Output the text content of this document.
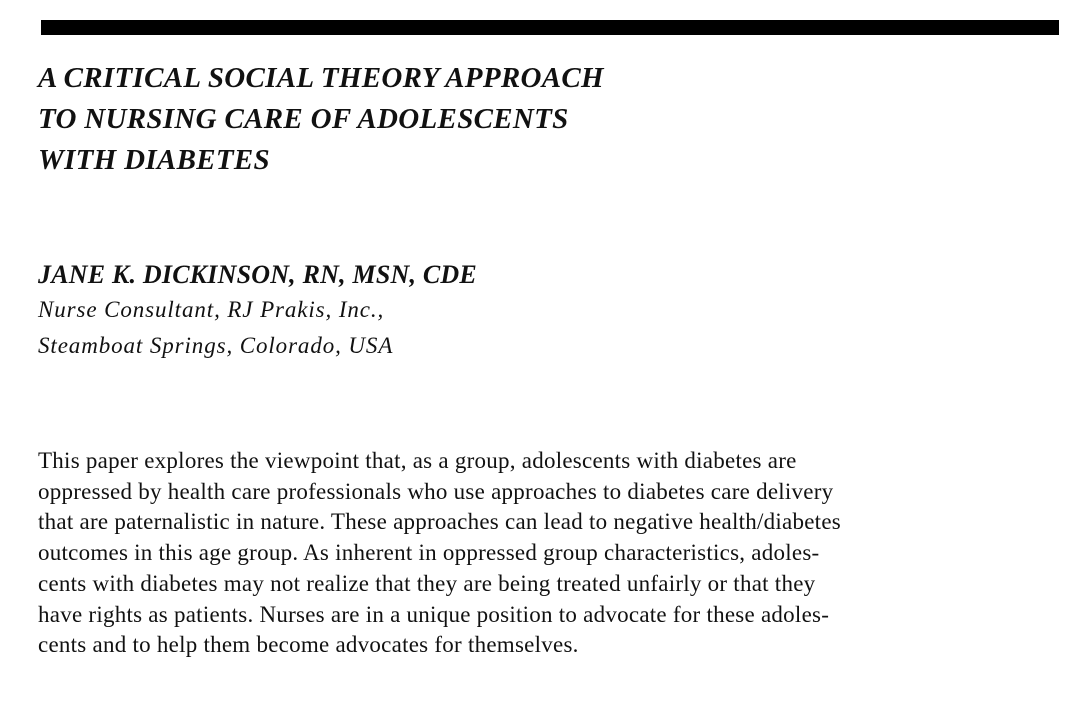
A CRITICAL SOCIAL THEORY APPROACH
TO NURSING CARE OF ADOLESCENTS
WITH DIABETES
JANE K. DICKINSON, RN, MSN, CDE
Nurse Consultant, RJ Prakis, Inc.,
Steamboat Springs, Colorado, USA
This paper explores the viewpoint that, as a group, adolescents with diabetes are
oppressed by health care professionals who use approaches to diabetes care delivery
that are paternalistic in nature. These approaches can lead to negative health/diabetes
outcomes in this age group. As inherent in oppressed group characteristics, adoles-
cents with diabetes may not realize that they are being treated unfairly or that they
have rights as patients. Nurses are in a unique position to advocate for these adoles-
cents and to help them become advocates for themselves.
